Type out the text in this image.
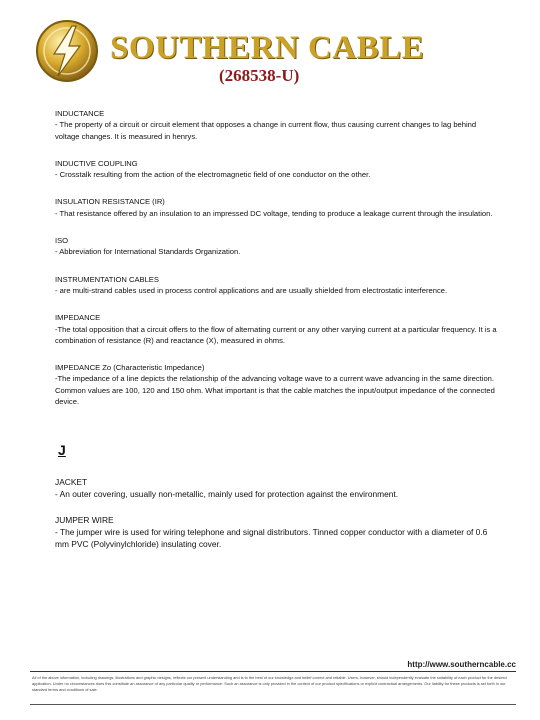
SOUTHERN CABLE
(268538-U)
INDUCTANCE
- The property of a circuit or circuit element that opposes a change in current flow, thus causing current changes to lag behind voltage changes. It is measured in henrys.
INDUCTIVE COUPLING
- Crosstalk resulting from the action of the electromagnetic field of one conductor on the other.
INSULATION RESISTANCE (IR)
- That resistance offered by an insulation to an impressed DC voltage, tending to produce a leakage current through the insulation.
ISO
- Abbreviation for International Standards Organization.
INSTRUMENTATION CABLES
- are multi-strand cables used in process control applications and are usually shielded from electrostatic interference.
IMPEDANCE
-The total opposition that a circuit offers to the flow of alternating current or any other varying current at a particular frequency. It is a combination of resistance (R) and reactance (X), measured in ohms.
IMPEDANCE Zo (Characteristic Impedance)
-The impedance of a line depicts the relationship of the advancing voltage wave to a current wave advancing in the same direction. Common values are 100, 120 and 150 ohm. What important is that the cable matches the input/output impedance of the connected device.
J
JACKET
- An outer covering, usually non-metallic, mainly used for protection against the environment.
JUMPER WIRE
- The jumper wire is used for wiring telephone and signal distributors. Tinned copper conductor with a diameter of 0.6 mm PVC (Polyvinylchloride) insulating cover.
http://www.southerncable.cc
All of the above information, including drawings, illustrations and graphic designs, reflects our present understanding and is to the best of our knowledge and belief correct and reliable. Users, however, should independently evaluate the suitability of each product for the desired application. Under no circumstances does this constitute an assurance of any particular quality or performance. Such an assurance is only provided in the context of our product specifications or explicit contractual arrangements. Our liability for these products is set forth in our standard terms and conditions of sale.
